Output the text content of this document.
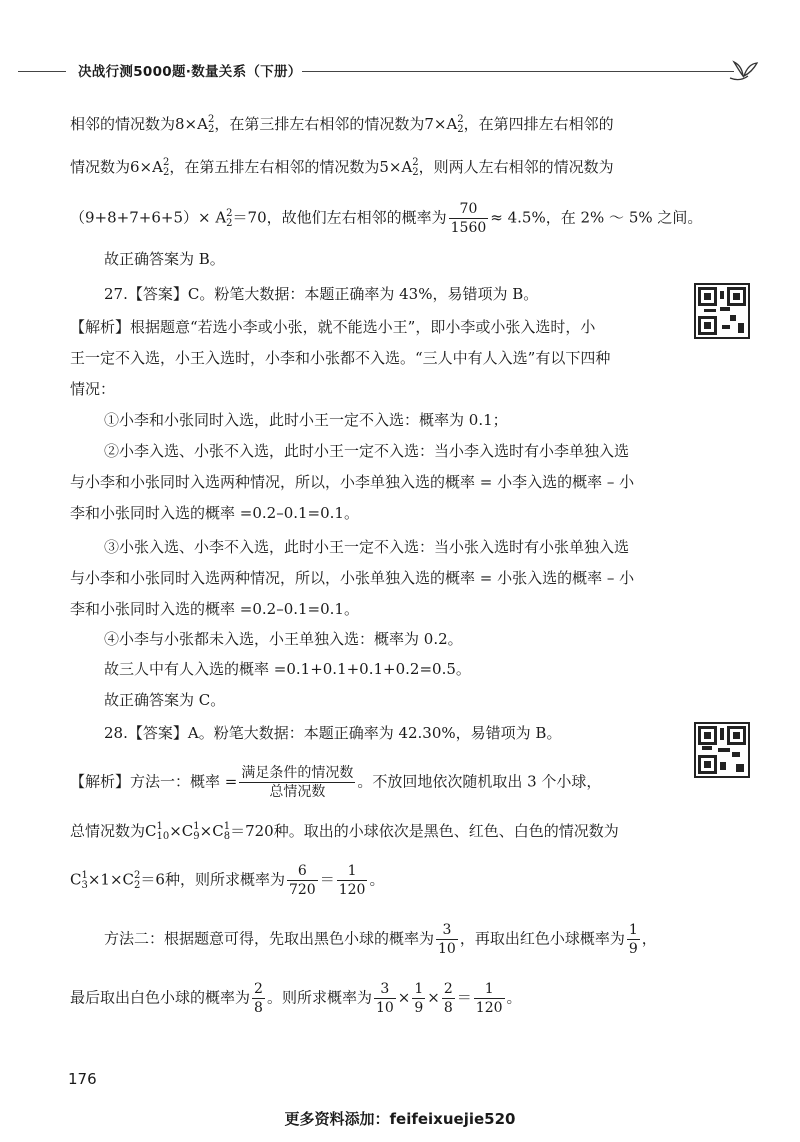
决战行测5000题·数量关系（下册）
相邻的情况数为8×A 2
2 ，在第三排左右相邻的情况数为7×A 2
2 ，在第四排左右相邻的
情况数为6×A 2
2 ，在第五排左右相邻的情况数为5×A 2
2 ，则两人左右相邻的情况数为
（9+8+7+6+5）× A 2
2 ＝70，故他们左右相邻的概率为 $\frac{70}{1560} \approx 4.5\%$，在 2% ～ 5% 之间。
故正确答案为 B。
27.【答案】C。粉笔大数据：本题正确率为 43%，易错项为 B。
【解析】根据题意“若选小李或小张，就不能选小王”，即小李或小张入选时，小
王一定不入选，小王入选时，小李和小张都不入选。“三人中有人入选”有以下四种
情况：
①小李和小张同时入选，此时小王一定不入选：概率为 0.1；
②小李入选、小张不入选，此时小王一定不入选：当小李入选时有小李单独入选
与小李和小张同时入选两种情况，所以，小李单独入选的概率 = 小李入选的概率 – 小
李和小张同时入选的概率 =0.2–0.1=0.1。
③小张入选、小李不入选，此时小王一定不入选：当小张入选时有小张单独入选
与小李和小张同时入选两种情况，所以，小张单独入选的概率 = 小张入选的概率 – 小
李和小张同时入选的概率 =0.2–0.1=0.1。
④小李与小张都未入选，小王单独入选：概率为 0.2。
故三人中有人入选的概率 =0.1+0.1+0.1+0.2=0.5。
故正确答案为 C。
28.【答案】A。粉笔大数据：本题正确率为 42.30%，易错项为 B。
【解析】方法一：概率 = $\frac{\text{满足条件的情况数}}{\text{总情况数}}$ 。不放回地依次随机取出 3 个小球，
总情况数为C 1
10 ×C 1
9 ×C 1
8 ＝720种。取出的小球依次是黑色、红色、白色的情况数为
C 1
3 ×1×C 2
2 ＝6种，则所求概率为 $\frac{6}{720} = \frac{1}{120}$ 。
方法二：根据题意可得，先取出黑色小球的概率为 $\frac{3}{10}$ ，再取出红色小球概率为 $\frac{1}{9}$ ，
最后取出白色小球的概率为 $\frac{2}{8}$ 。则所求概率为 $\frac{3}{10} \times \frac{1}{9} \times \frac{2}{8} = \frac{1}{120}$ 。
176
更多资料添加：feifeixuejie520
